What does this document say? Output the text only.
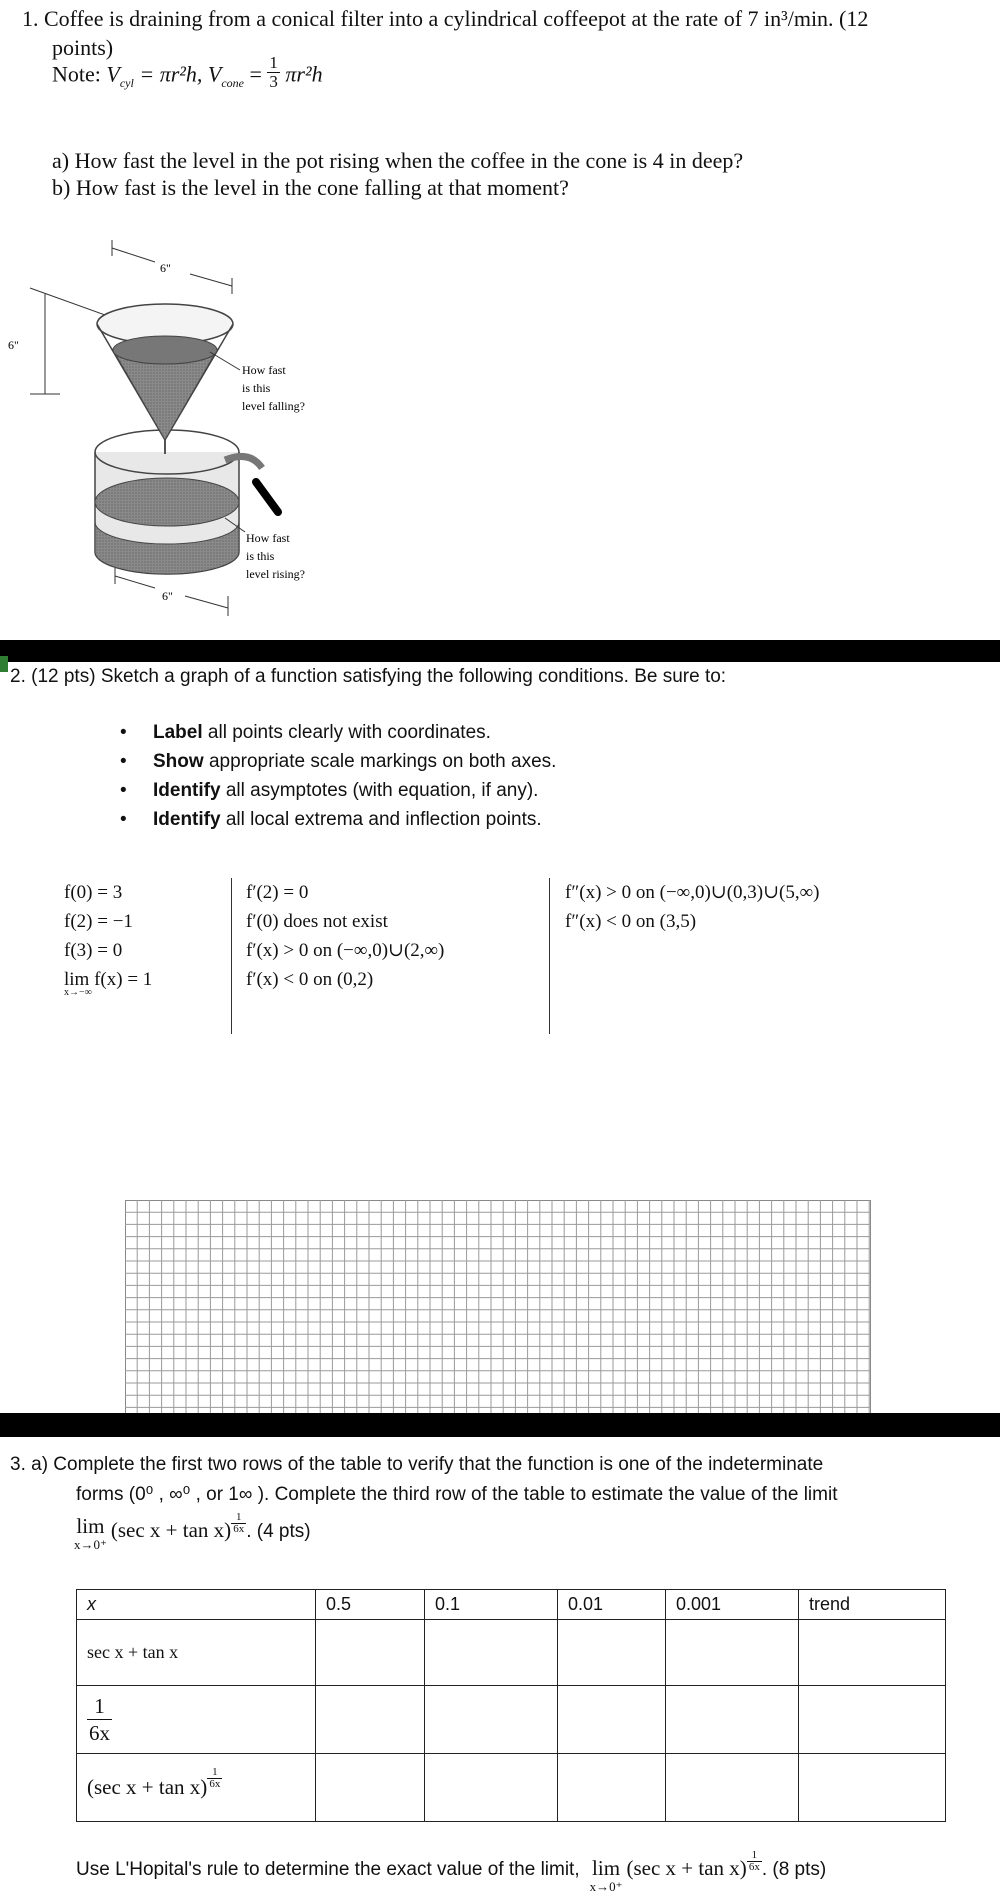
1. Coffee is draining from a conical filter into a cylindrical coffeepot at the rate of 7 in³/min. (12
points)
Note: $V_{cyl} = \pi r^2h$, $V_{cone} = \frac{1}{3} \pi r^2h$
a) How fast the level in the pot rising when the coffee in the cone is 4 in deep?
b) How fast is the level in the cone falling at that moment?
6"
6"
How fast
is this
level falling?
How fast
is this
level rising?
6"
2. (12 pts) Sketch a graph of a function satisfying the following conditions. Be sure to:
• Label all points clearly with coordinates.
• Show appropriate scale markings on both axes.
• Identify all asymptotes (with equation, if any).
• Identify all local extrema and inflection points.
f(0) = 3
f(2) = −1
f(3) = 0
lim f(x) = 1
x→−∞
f′(2) = 0
f′(0) does not exist
f′(x) > 0 on (−∞,0)∪(2,∞)
f′(x) < 0 on (0,2)
f″(x) > 0 on (−∞,0)∪(0,3)∪(5,∞)
f″(x) < 0 on (3,5)
3. a) Complete the first two rows of the table to verify that the function is one of the indeterminate
forms (0⁰ , ∞⁰ , or 1∞ ). Complete the third row of the table to estimate the value of the limit
lim
x→0⁺
(sec $x + \tan x) \frac{1}{6x}$ . (4 pts)
x	0.5	0.1	0.01	0.001	trend
sec x + tan x					

$\frac{1}{6x}$

(sec $x + \tan x) \frac{1}{6x}$

Use L'Hopital's rule to determine the exact value of the limit, lim
x→0⁺
(sec $x + \tan x) \frac{1}{6x}$ . (8 pts)
